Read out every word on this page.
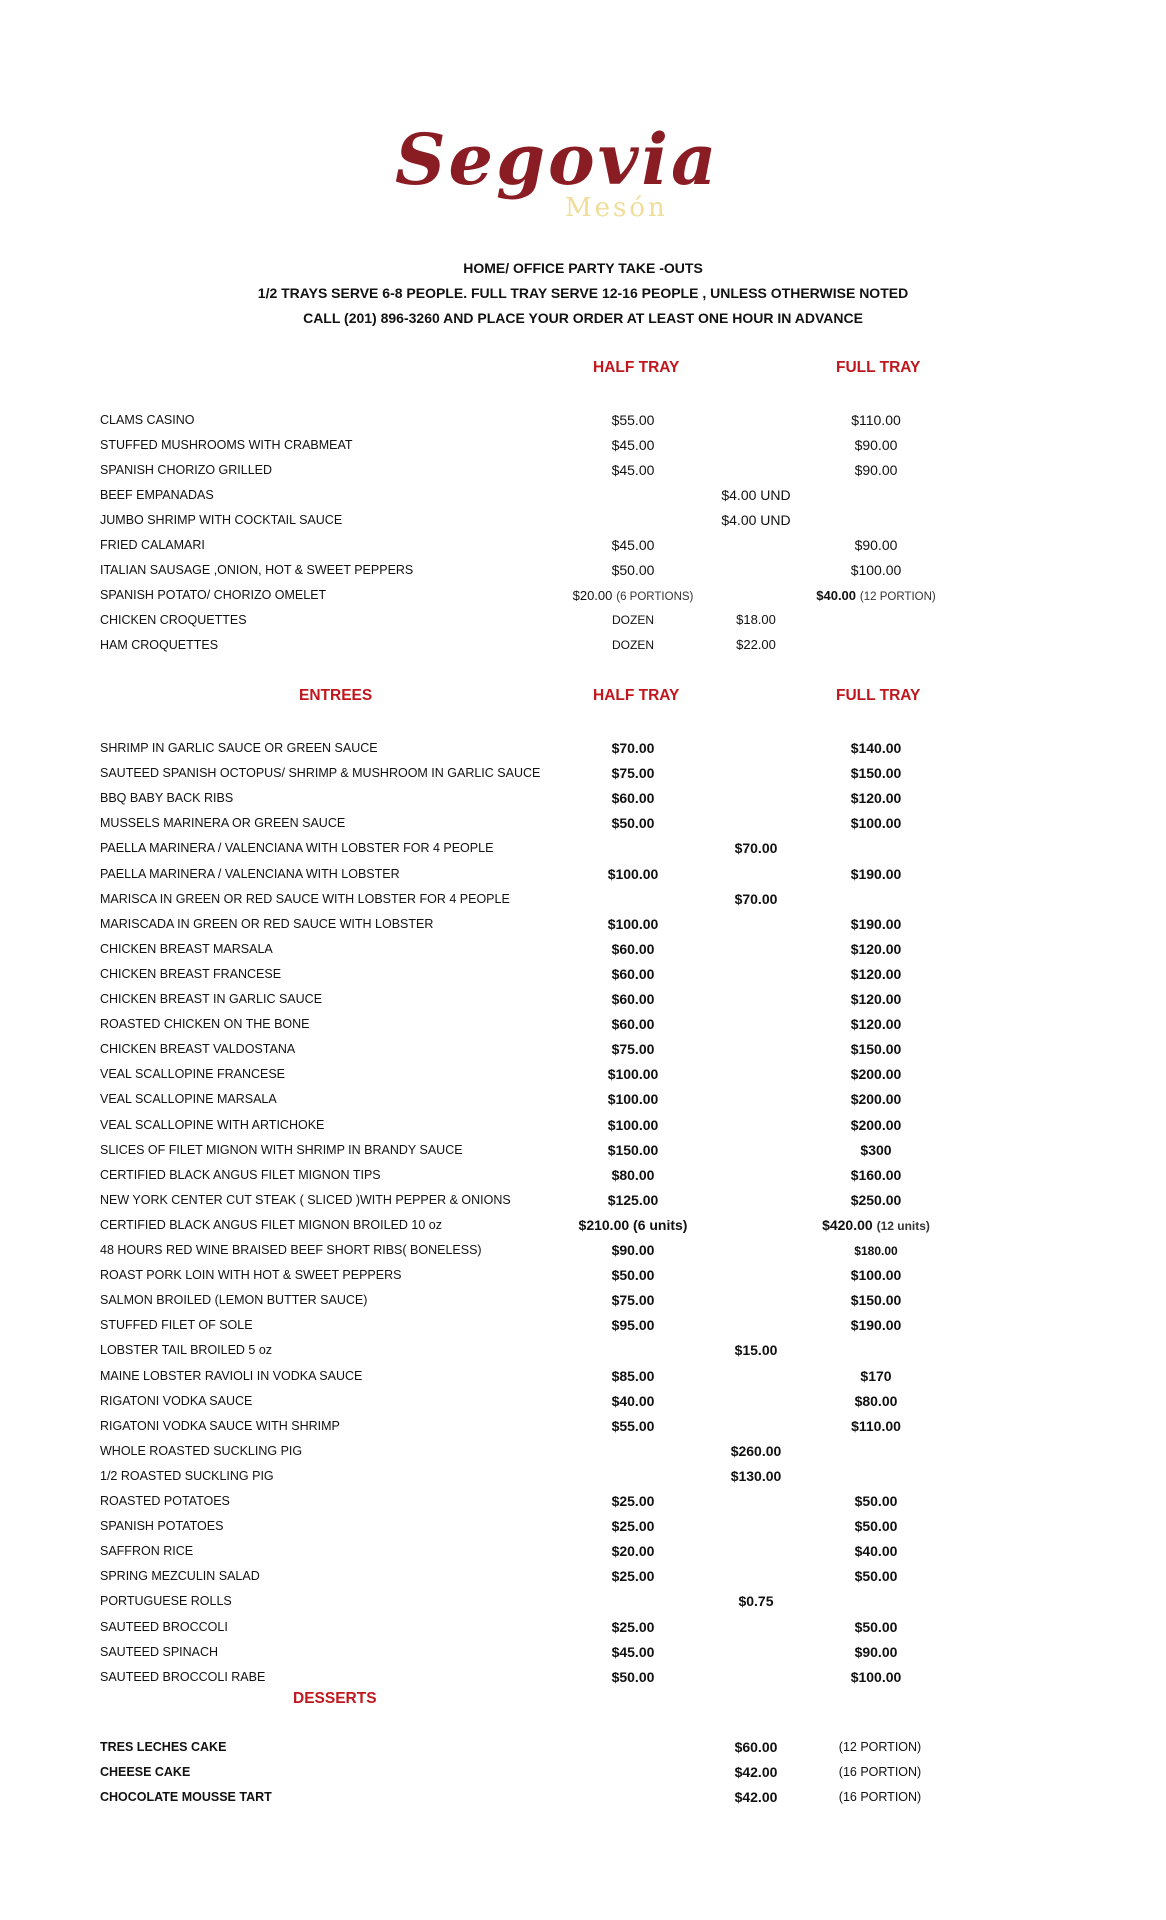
Segovia
Mesón
HOME/ OFFICE PARTY TAKE -OUTS
1/2 TRAYS SERVE 6-8 PEOPLE. FULL TRAY SERVE 12-16 PEOPLE , UNLESS OTHERWISE NOTED
CALL (201) 896-3260 AND PLACE YOUR ORDER AT LEAST ONE HOUR IN ADVANCE
HALF TRAY	FULL TRAY
CLAMS CASINO	$55.00	$110.00
STUFFED MUSHROOMS WITH CRABMEAT	$45.00	$90.00
SPANISH CHORIZO GRILLED	$45.00	$90.00
BEEF EMPANADAS	$4.00 UND
JUMBO SHRIMP WITH COCKTAIL SAUCE	$4.00 UND
FRIED CALAMARI	$45.00	$90.00
ITALIAN SAUSAGE ,ONION, HOT & SWEET PEPPERS	$50.00	$100.00
SPANISH POTATO/ CHORIZO OMELET	$20.00 (6 PORTIONS)	$40.00 (12 PORTION)
CHICKEN CROQUETTES	DOZEN	$18.00
HAM CROQUETTES	DOZEN	$22.00
ENTREES	HALF TRAY	FULL TRAY
SHRIMP IN GARLIC SAUCE OR GREEN SAUCE	$70.00	$140.00
SAUTEED SPANISH OCTOPUS/ SHRIMP & MUSHROOM IN GARLIC SAUCE	$75.00	$150.00
BBQ BABY BACK RIBS	$60.00	$120.00
MUSSELS MARINERA OR GREEN SAUCE	$50.00	$100.00
PAELLA MARINERA / VALENCIANA WITH LOBSTER FOR 4 PEOPLE	$70.00
PAELLA MARINERA / VALENCIANA WITH LOBSTER	$100.00	$190.00
MARISCA IN GREEN OR RED SAUCE WITH LOBSTER FOR 4 PEOPLE	$70.00
MARISCADA IN GREEN OR RED SAUCE WITH LOBSTER	$100.00	$190.00
CHICKEN BREAST MARSALA	$60.00	$120.00
CHICKEN BREAST FRANCESE	$60.00	$120.00
CHICKEN BREAST IN GARLIC SAUCE	$60.00	$120.00
ROASTED CHICKEN ON THE BONE	$60.00	$120.00
CHICKEN BREAST VALDOSTANA	$75.00	$150.00
VEAL SCALLOPINE FRANCESE	$100.00	$200.00
VEAL SCALLOPINE MARSALA	$100.00	$200.00
VEAL SCALLOPINE WITH ARTICHOKE	$100.00	$200.00
SLICES OF FILET MIGNON WITH SHRIMP IN BRANDY SAUCE	$150.00	$300
CERTIFIED BLACK ANGUS FILET MIGNON TIPS	$80.00	$160.00
NEW YORK CENTER CUT STEAK ( SLICED )WITH PEPPER & ONIONS	$125.00	$250.00
CERTIFIED BLACK ANGUS FILET MIGNON BROILED 10 oz	$210.00 (6 units)	$420.00 (12 units)
48 HOURS RED WINE BRAISED BEEF SHORT RIBS( BONELESS)	$90.00	$180.00
ROAST PORK LOIN WITH HOT & SWEET PEPPERS	$50.00	$100.00
SALMON BROILED (LEMON BUTTER SAUCE)	$75.00	$150.00
STUFFED FILET OF SOLE	$95.00	$190.00
LOBSTER TAIL BROILED 5 oz	$15.00
MAINE LOBSTER RAVIOLI IN VODKA SAUCE	$85.00	$170
RIGATONI VODKA SAUCE	$40.00	$80.00
RIGATONI VODKA SAUCE WITH SHRIMP	$55.00	$110.00
WHOLE ROASTED SUCKLING PIG	$260.00
1/2 ROASTED SUCKLING PIG	$130.00
ROASTED POTATOES	$25.00	$50.00
SPANISH POTATOES	$25.00	$50.00
SAFFRON RICE	$20.00	$40.00
SPRING MEZCULIN SALAD	$25.00	$50.00
PORTUGUESE ROLLS	$0.75
SAUTEED BROCCOLI	$25.00	$50.00
SAUTEED SPINACH	$45.00	$90.00
SAUTEED BROCCOLI RABE	$50.00	$100.00
DESSERTS
TRES LECHES CAKE	$60.00	(12 PORTION)
CHEESE CAKE	$42.00	(16 PORTION)
CHOCOLATE MOUSSE TART	$42.00	(16 PORTION)
